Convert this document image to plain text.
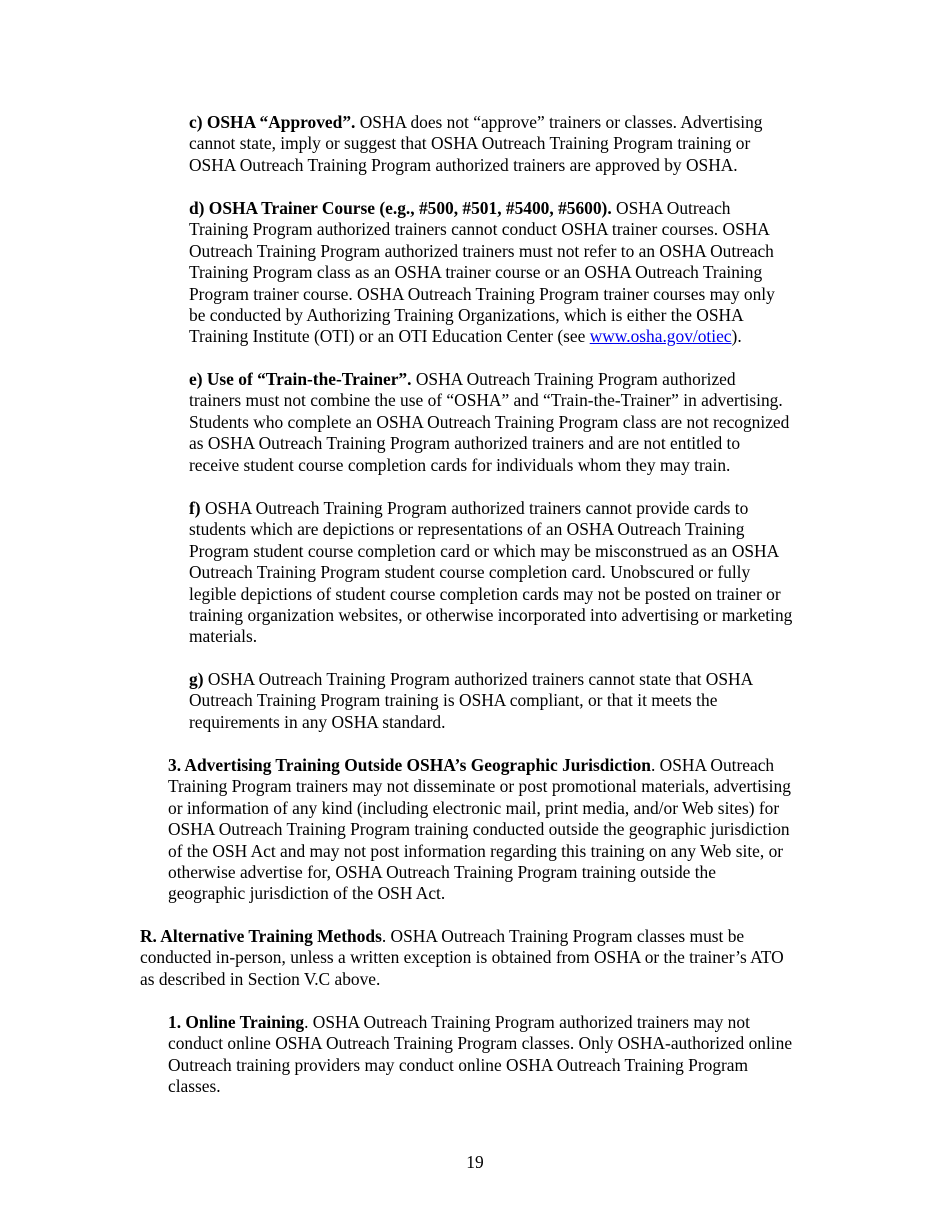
c) OSHA “Approved”. OSHA does not “approve” trainers or classes. Advertising
cannot state, imply or suggest that OSHA Outreach Training Program training or
OSHA Outreach Training Program authorized trainers are approved by OSHA.
d) OSHA Trainer Course (e.g., #500, #501, #5400, #5600). OSHA Outreach
Training Program authorized trainers cannot conduct OSHA trainer courses. OSHA
Outreach Training Program authorized trainers must not refer to an OSHA Outreach
Training Program class as an OSHA trainer course or an OSHA Outreach Training
Program trainer course. OSHA Outreach Training Program trainer courses may only
be conducted by Authorizing Training Organizations, which is either the OSHA
Training Institute (OTI) or an OTI Education Center (see www.osha.gov/otiec).
e) Use of “Train-the-Trainer”. OSHA Outreach Training Program authorized
trainers must not combine the use of “OSHA” and “Train-the-Trainer” in advertising.
Students who complete an OSHA Outreach Training Program class are not recognized
as OSHA Outreach Training Program authorized trainers and are not entitled to
receive student course completion cards for individuals whom they may train.
f) OSHA Outreach Training Program authorized trainers cannot provide cards to
students which are depictions or representations of an OSHA Outreach Training
Program student course completion card or which may be misconstrued as an OSHA
Outreach Training Program student course completion card. Unobscured or fully
legible depictions of student course completion cards may not be posted on trainer or
training organization websites, or otherwise incorporated into advertising or marketing
materials.
g) OSHA Outreach Training Program authorized trainers cannot state that OSHA
Outreach Training Program training is OSHA compliant, or that it meets the
requirements in any OSHA standard.
3. Advertising Training Outside OSHA’s Geographic Jurisdiction. OSHA Outreach
Training Program trainers may not disseminate or post promotional materials, advertising
or information of any kind (including electronic mail, print media, and/or Web sites) for
OSHA Outreach Training Program training conducted outside the geographic jurisdiction
of the OSH Act and may not post information regarding this training on any Web site, or
otherwise advertise for, OSHA Outreach Training Program training outside the
geographic jurisdiction of the OSH Act.
R. Alternative Training Methods. OSHA Outreach Training Program classes must be
conducted in-person, unless a written exception is obtained from OSHA or the trainer’s ATO
as described in Section V.C above.
1. Online Training. OSHA Outreach Training Program authorized trainers may not
conduct online OSHA Outreach Training Program classes. Only OSHA-authorized online
Outreach training providers may conduct online OSHA Outreach Training Program
classes.
19
